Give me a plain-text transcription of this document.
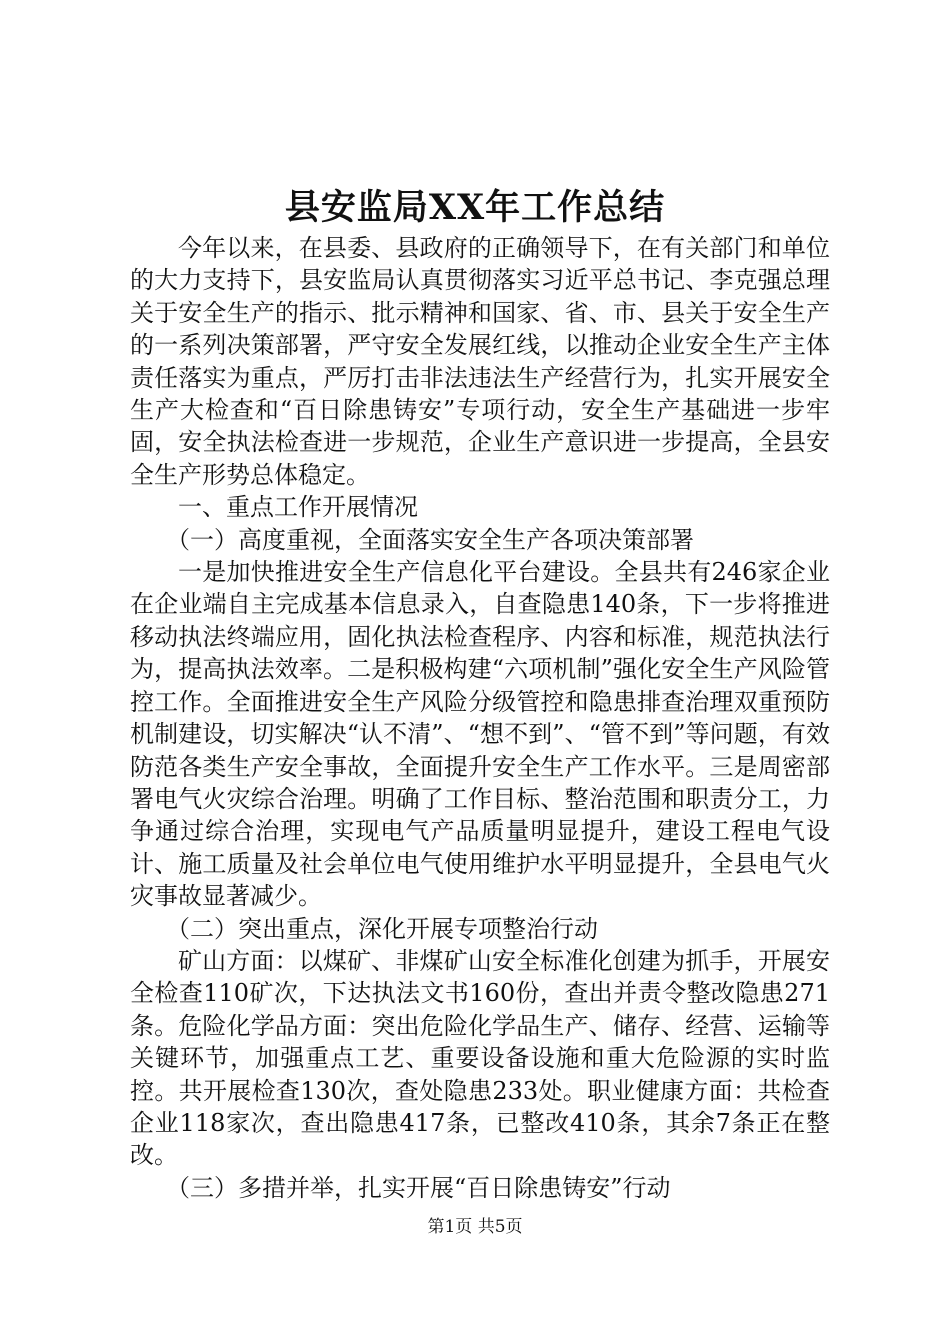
县安监局XX年工作总结

今年以来，在县委、县政府的正确领导下，在有关部门和单位的大力支持下，县安监局认真贯彻落实习近平总书记、李克强总理关于安全生产的指示、批示精神和国家、省、市、县关于安全生产的一系列决策部署，严守安全发展红线，以推动企业安全生产主体责任落实为重点，严厉打击非法违法生产经营行为，扎实开展安全生产大检查和“百日除患铸安”专项行动，安全生产基础进一步牢固，安全执法检查进一步规范，企业生产意识进一步提高，全县安全生产形势总体稳定。

一、重点工作开展情况

（一）高度重视，全面落实安全生产各项决策部署

一是加快推进安全生产信息化平台建设。全县共有246家企业在企业端自主完成基本信息录入，自查隐患140条，下一步将推进移动执法终端应用，固化执法检查程序、内容和标准，规范执法行为，提高执法效率。二是积极构建“六项机制”强化安全生产风险管控工作。全面推进安全生产风险分级管控和隐患排查治理双重预防机制建设，切实解决“认不清”、“想不到”、“管不到”等问题，有效防范各类生产安全事故，全面提升安全生产工作水平。三是周密部署电气火灾综合治理。明确了工作目标、整治范围和职责分工，力争通过综合治理，实现电气产品质量明显提升，建设工程电气设计、施工质量及社会单位电气使用维护水平明显提升，全县电气火灾事故显著减少。

（二）突出重点，深化开展专项整治行动

矿山方面：以煤矿、非煤矿山安全标准化创建为抓手，开展安全检查110矿次，下达执法文书160份，查出并责令整改隐患271条。危险化学品方面：突出危险化学品生产、储存、经营、运输等关键环节，加强重点工艺、重要设备设施和重大危险源的实时监控。共开展检查130次，查处隐患233处。职业健康方面：共检查企业118家次，查出隐患417条，已整改410条，其余7条正在整改。

（三）多措并举，扎实开展“百日除患铸安”行动

第1页 共5页
